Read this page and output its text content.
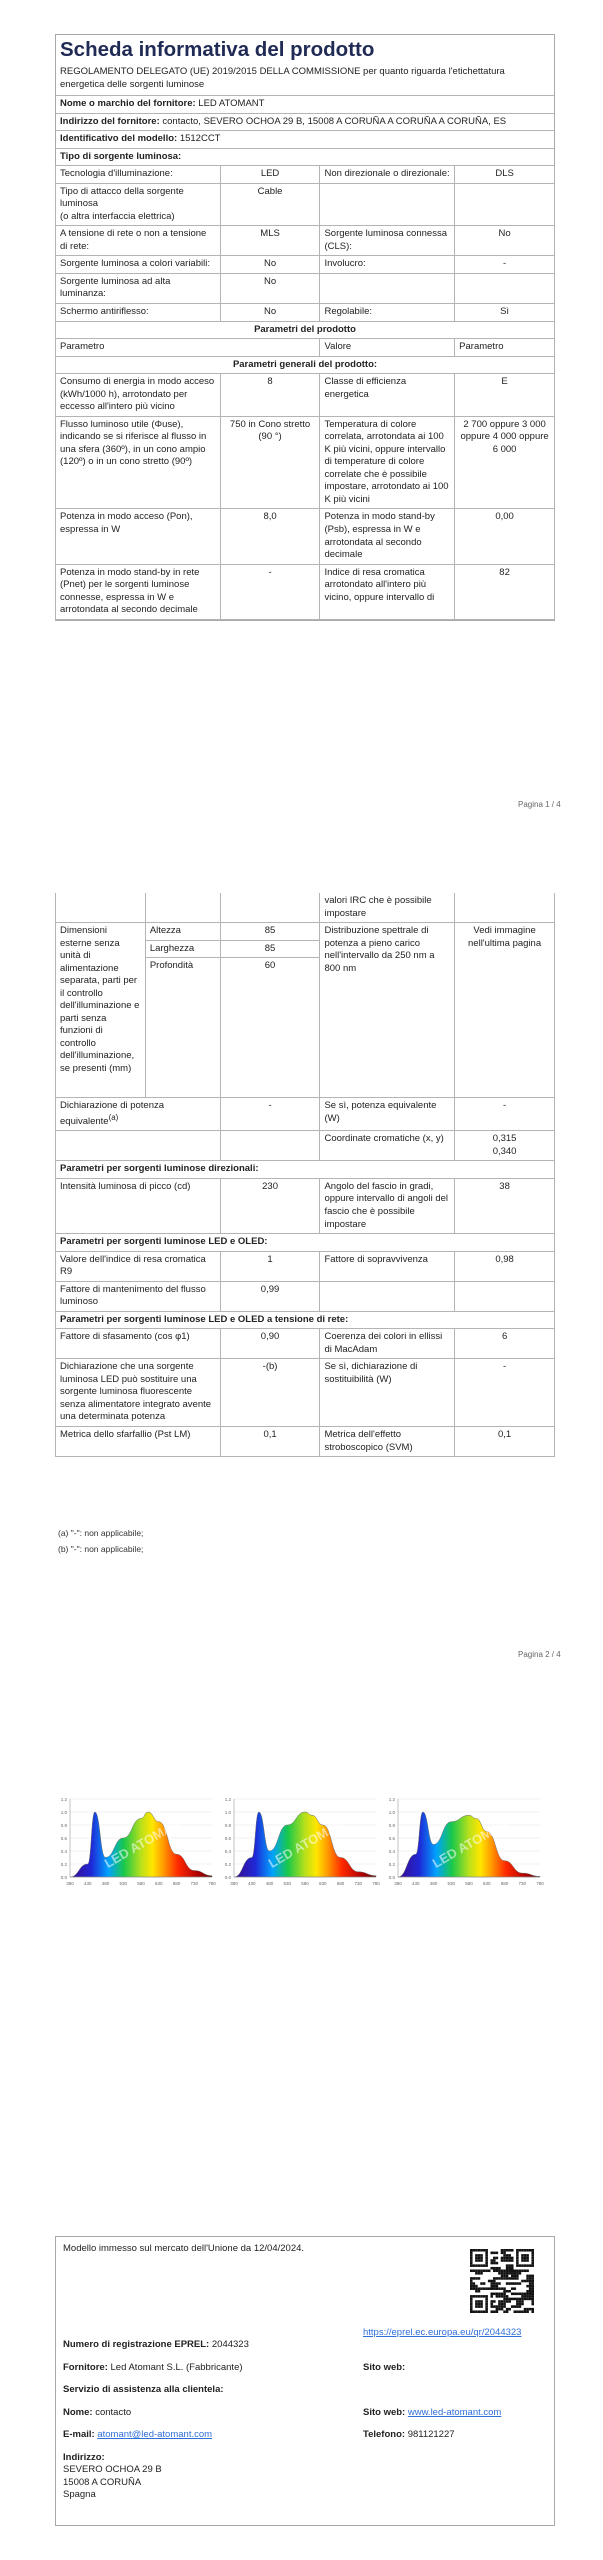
Scheda informativa del prodotto
REGOLAMENTO DELEGATO (UE) 2019/2015 DELLA COMMISSIONE per quanto riguarda l'etichettatura energetica delle sorgenti luminose
Nome o marchio del fornitore: LED ATOMANT
Indirizzo del fornitore: contacto, SEVERO OCHOA 29 B, 15008 A CORUÑA A CORUÑA A CORUÑA, ES
Identificativo del modello: 1512CCT
Tipo di sorgente luminosa:
Tecnologia d'illuminazione:	LED	Non direzionale o direzionale:	DLS
Tipo di attacco della sorgente luminosa
(o altra interfaccia elettrica)	Cable		
A tensione di rete o non a tensione di rete:	MLS	Sorgente luminosa connessa (CLS):	No
Sorgente luminosa a colori variabili:	No	Involucro:	-
Sorgente luminosa ad alta luminanza:	No		
Schermo antiriflesso:	No	Regolabile:	Sì
Parametri del prodotto			
Parametro		Valore	Parametro
Parametri generali del prodotto:			
Consumo di energia in modo acceso (kWh/1000 h), arrotondato per eccesso all'intero più vicino	8	Classe di efficienza energetica	E
Flusso luminoso utile (Φuse), indicando se si riferisce al flusso in una sfera (360º), in un cono ampio (120º) o in un cono stretto (90º)	750 in Cono stretto (90 °)	Temperatura di colore correlata, arrotondata ai 100 K più vicini, oppure intervallo di temperature di colore correlate che è possibile impostare, arrotondato ai 100 K più vicini	2 700 oppure 3 000 oppure 4 000 oppure 6 000
Potenza in modo acceso (Pon), espressa in W	8,0	Potenza in modo stand-by (Psb), espressa in W e arrotondata al secondo decimale	0,00
Potenza in modo stand-by in rete (Pnet) per le sorgenti luminose connesse, espressa in W e arrotondata al secondo decimale	-	Indice di resa cromatica arrotondato all'intero più vicino, oppure intervallo di	82
Pagina 1 / 4
			valori IRC che è possibile impostare	
Dimensioni esterne senza unità di alimentazione separata, parti per il controllo dell'illuminazione e parti senza funzioni di controllo dell'illuminazione, se presenti (mm)	Altezza	85	Distribuzione spettrale di potenza a pieno carico nell'intervallo da 250 nm a 800 nm	Vedi immagine nell'ultima pagina
	Larghezza	85		
	Profondità	60		
Dichiarazione di potenza equivalente$^{(a)}$		-	Se sì, potenza equivalente (W)	-
			Coordinate cromatiche (x, y)	0,315
0,340
Parametri per sorgenti luminose direzionali:				
Intensità luminosa di picco (cd)		230	Angolo del fascio in gradi, oppure intervallo di angoli del fascio che è possibile impostare	38
Parametri per sorgenti luminose LED e OLED:				
Valore dell'indice di resa cromatica R9		1	Fattore di sopravvivenza	0,98
Fattore di mantenimento del flusso luminoso		0,99		
Parametri per sorgenti luminose LED e OLED a tensione di rete:				
Fattore di sfasamento (cos φ1)		0,90	Coerenza dei colori in ellissi di MacAdam	6
Dichiarazione che una sorgente luminosa LED può sostituire una sorgente luminosa fluorescente senza alimentatore integrato avente una determinata potenza		-(b)	Se sì, dichiarazione di sostituibilità (W)	-
Metrica dello sfarfallio (Pst LM)		0,1	Metrica dell'effetto stroboscopico (SVM)	0,1
(a) "-": non applicabile;
(b) "-": non applicabile;
Pagina 2 / 4
0.0
0.2
0.4
0.6
0.8
1.0
1.2
380 430 480 530 580 630 680 730 780
LED ATOMANT
0.0
0.2
0.4
0.6
0.8
1.0
1.2
380 430 480 530 580 630 680 730 780
LED ATOMANT
0.0
0.2
0.4
0.6
0.8
1.0
1.2
380 430 480 530 580 630 680 730 780
LED ATOMANT
Modello immesso sul mercato dell'Unione da 12/04/2024.
Numero di registrazione EPREL: 2044323	https://eprel.ec.europa.eu/qr/2044323
Fornitore: Led Atomant S.L. (Fabbricante)	Sito web:
Servizio di assistenza alla clientela:	
Nome: contacto	Sito web: www.led-atomant.com
E-mail: atomant@led-atomant.com	Telefono: 981121227
Indirizzo:
SEVERO OCHOA 29 B
15008 A CORUÑA
Spagna	
